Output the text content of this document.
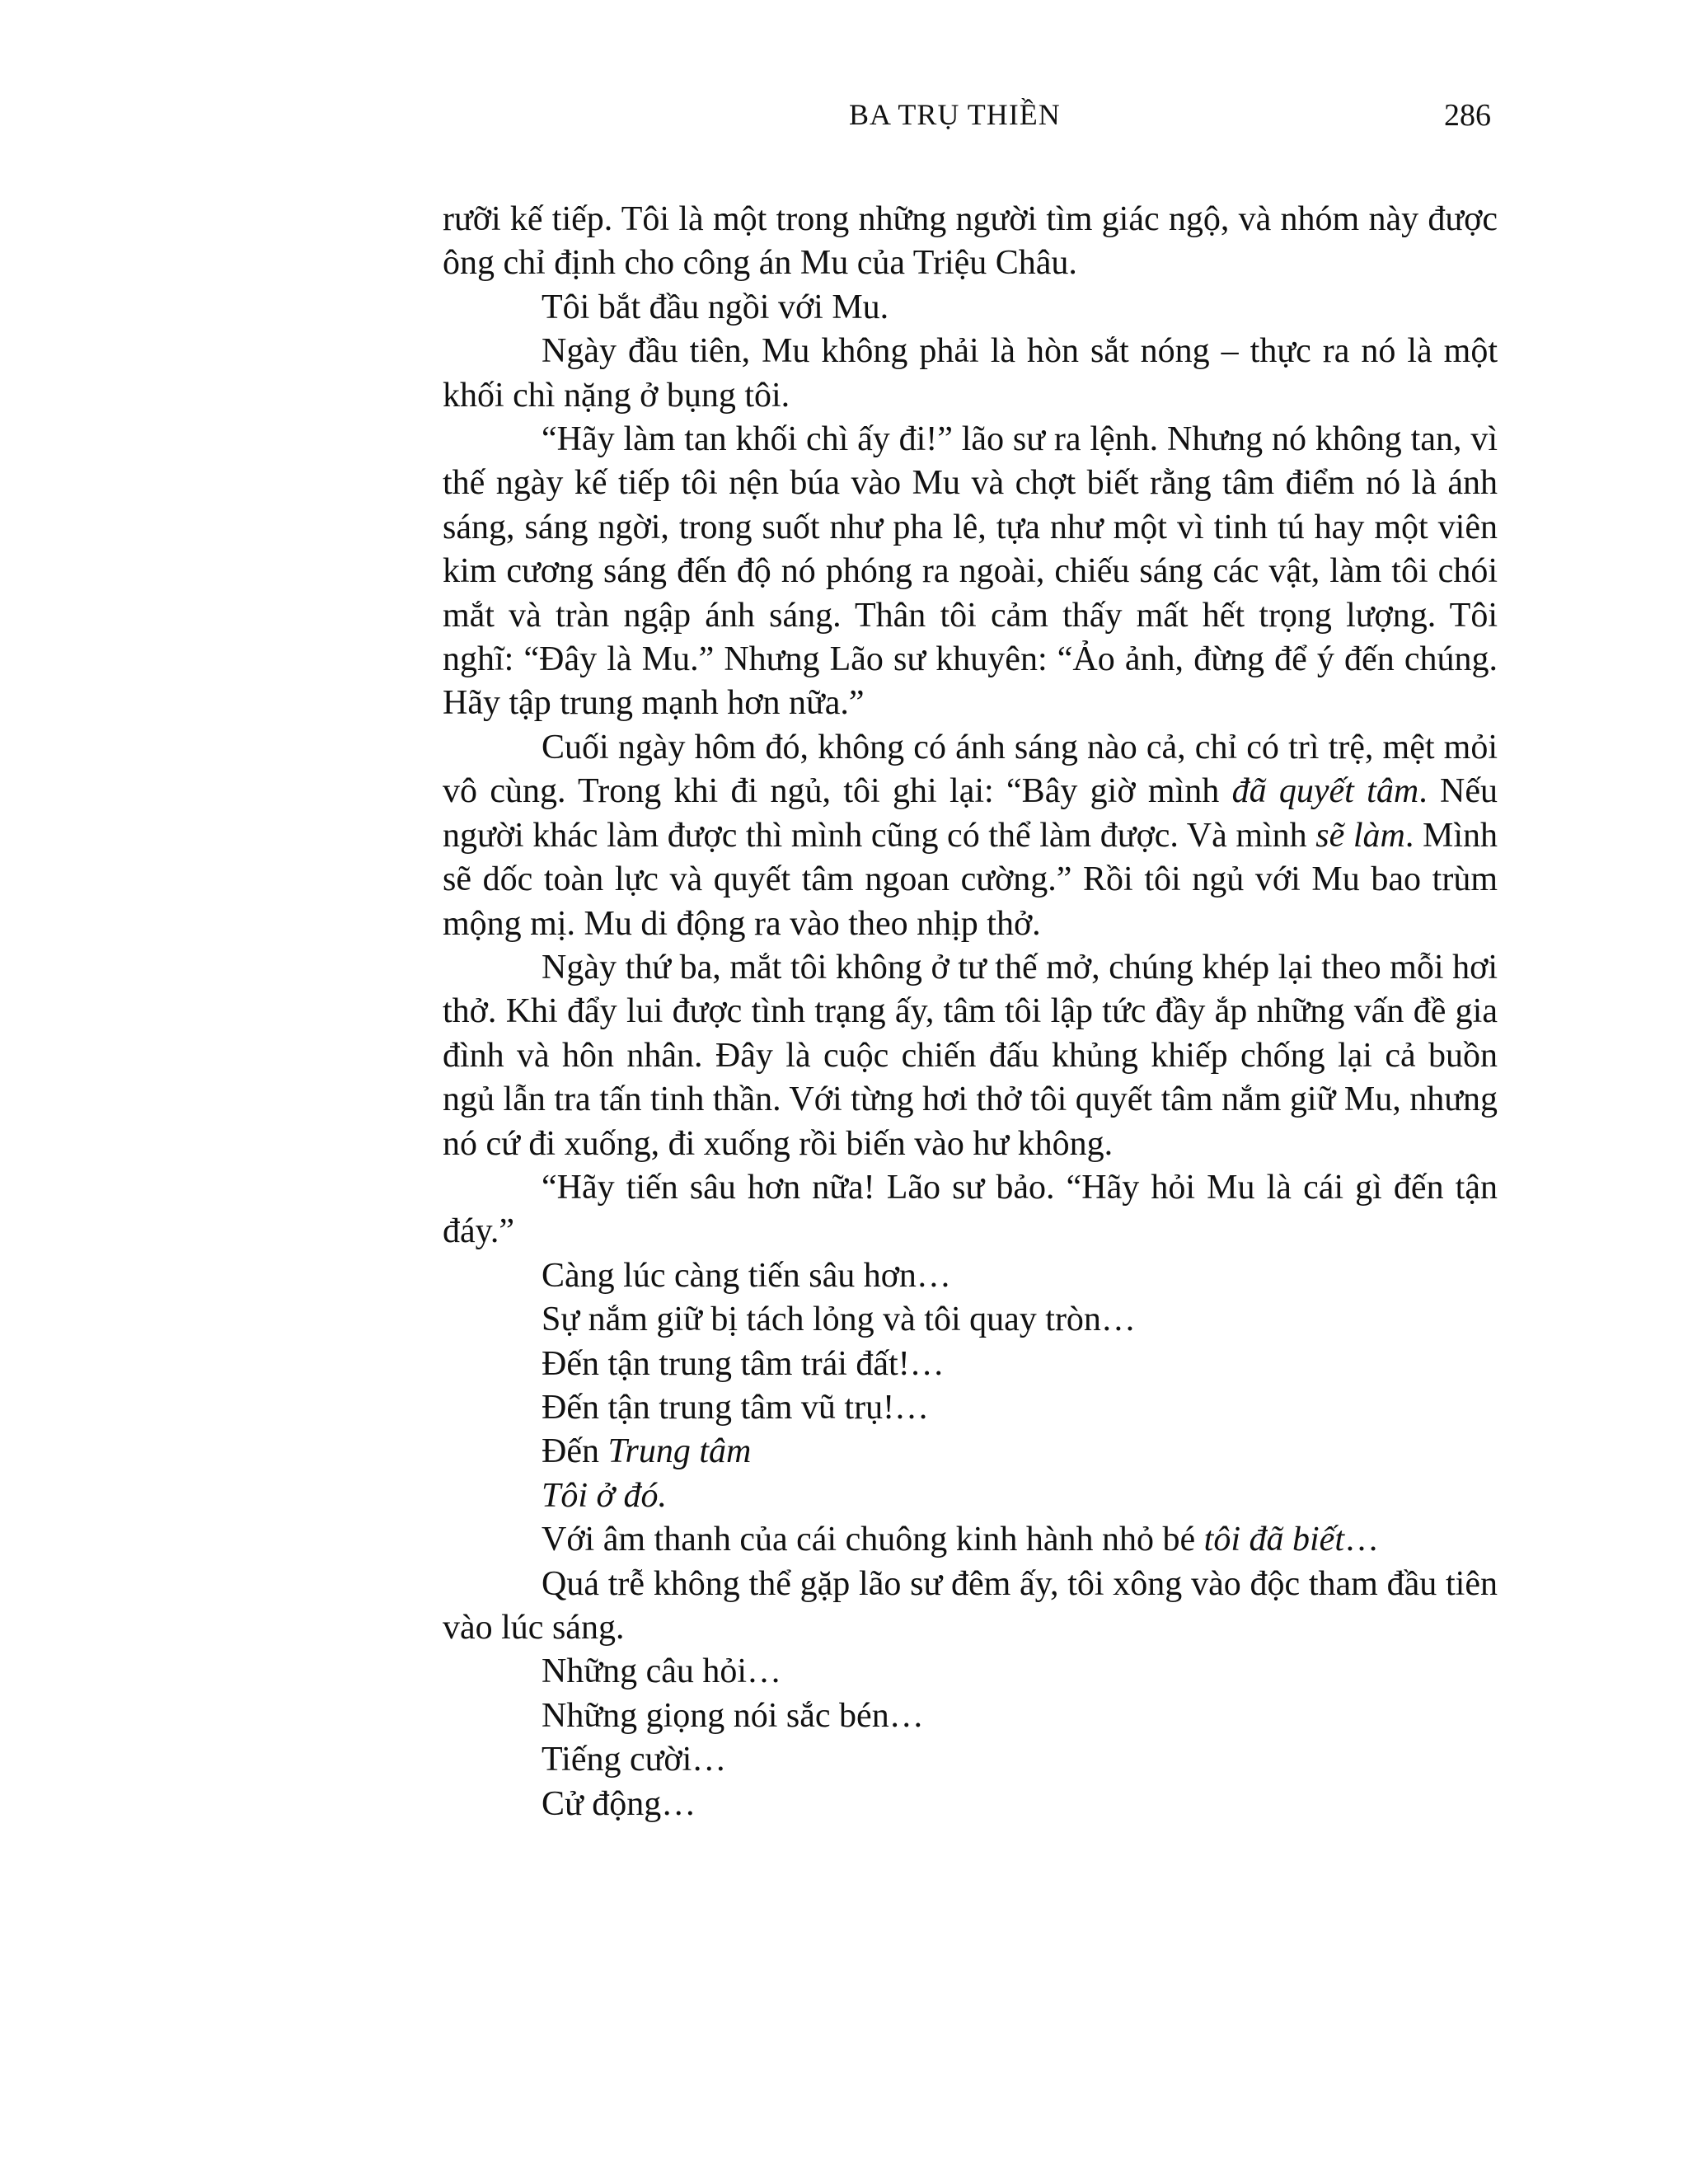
BA TRỤ THIỀN	286

rưỡi kế tiếp. Tôi là một trong những người tìm giác ngộ, và nhóm này được ông chỉ định cho công án Mu của Triệu Châu.

Tôi bắt đầu ngồi với Mu.

Ngày đầu tiên, Mu không phải là hòn sắt nóng – thực ra nó là một khối chì nặng ở bụng tôi.

“Hãy làm tan khối chì ấy đi!” lão sư ra lệnh. Nhưng nó không tan, vì thế ngày kế tiếp tôi nện búa vào Mu và chợt biết rằng tâm điểm nó là ánh sáng, sáng ngời, trong suốt như pha lê, tựa như một vì tinh tú hay một viên kim cương sáng đến độ nó phóng ra ngoài, chiếu sáng các vật, làm tôi chói mắt và tràn ngập ánh sáng. Thân tôi cảm thấy mất hết trọng lượng. Tôi nghĩ: “Đây là Mu.” Nhưng Lão sư khuyên: “Ảo ảnh, đừng để ý đến chúng. Hãy tập trung mạnh hơn nữa.”

Cuối ngày hôm đó, không có ánh sáng nào cả, chỉ có trì trệ, mệt mỏi vô cùng. Trong khi đi ngủ, tôi ghi lại: “Bây giờ mình đã quyết tâm. Nếu người khác làm được thì mình cũng có thể làm được. Và mình sẽ làm. Mình sẽ dốc toàn lực và quyết tâm ngoan cường.” Rồi tôi ngủ với Mu bao trùm mộng mị. Mu di động ra vào theo nhịp thở.

Ngày thứ ba, mắt tôi không ở tư thế mở, chúng khép lại theo mỗi hơi thở. Khi đẩy lui được tình trạng ấy, tâm tôi lập tức đầy ắp những vấn đề gia đình và hôn nhân. Đây là cuộc chiến đấu khủng khiếp chống lại cả buồn ngủ lẫn tra tấn tinh thần. Với từng hơi thở tôi quyết tâm nắm giữ Mu, nhưng nó cứ đi xuống, đi xuống rồi biến vào hư không.

“Hãy tiến sâu hơn nữa! Lão sư bảo. “Hãy hỏi Mu là cái gì đến tận đáy.”

Càng lúc càng tiến sâu hơn…

Sự nắm giữ bị tách lỏng và tôi quay tròn…

Đến tận trung tâm trái đất!…

Đến tận trung tâm vũ trụ!…

Đến Trung tâm

Tôi ở đó.

Với âm thanh của cái chuông kinh hành nhỏ bé tôi đã biết…

Quá trễ không thể gặp lão sư đêm ấy, tôi xông vào độc tham đầu tiên vào lúc sáng.

Những câu hỏi…

Những giọng nói sắc bén…

Tiếng cười…

Cử động…
